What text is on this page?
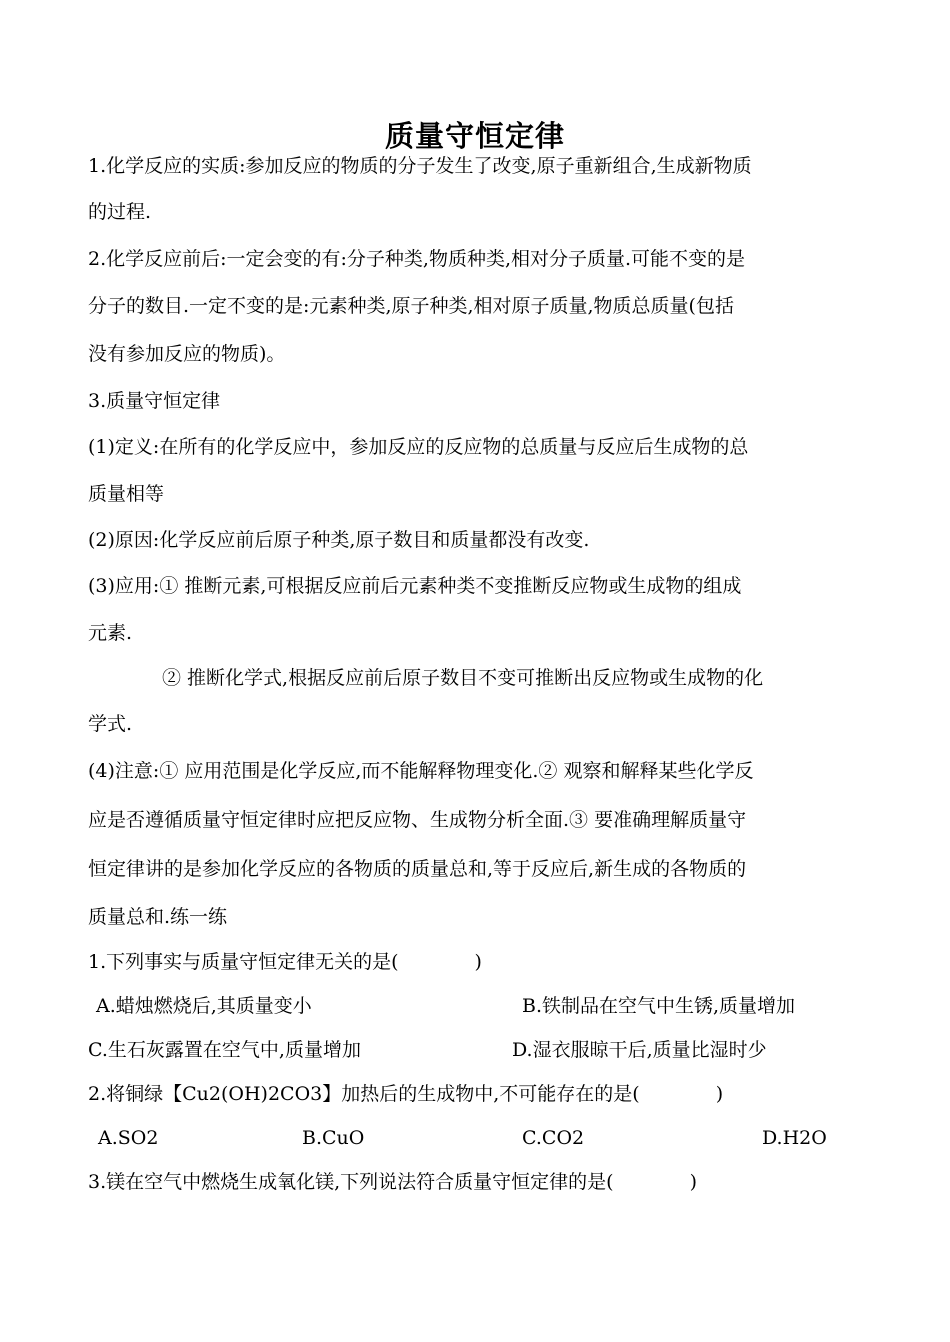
质量守恒定律
1.化学反应的实质:参加反应的物质的分子发生了改变,原子重新组合,生成新物质
的过程.
2.化学反应前后:一定会变的有:分子种类,物质种类,相对分子质量.可能不变的是
分子的数目.一定不变的是:元素种类,原子种类,相对原子质量,物质总质量(包括
没有参加反应的物质)。
3.质量守恒定律
(1)定义:在所有的化学反应中，参加反应的反应物的总质量与反应后生成物的总
质量相等
(2)原因:化学反应前后原子种类,原子数目和质量都没有改变.
(3)应用:① 推断元素,可根据反应前后元素种类不变推断反应物或生成物的组成
元素.
② 推断化学式,根据反应前后原子数目不变可推断出反应物或生成物的化
学式.
(4)注意:① 应用范围是化学反应,而不能解释物理变化.② 观察和解释某些化学反
应是否遵循质量守恒定律时应把反应物、生成物分析全面.③ 要准确理解质量守
恒定律讲的是参加化学反应的各物质的质量总和,等于反应后,新生成的各物质的
质量总和.练一练
1.下列事实与质量守恒定律无关的是(　　　　)
A.蜡烛燃烧后,其质量变小	B.铁制品在空气中生锈,质量增加
C.生石灰露置在空气中,质量增加	D.湿衣服晾干后,质量比湿时少
2.将铜绿【Cu2(OH)2CO3】加热后的生成物中,不可能存在的是(　　　　)
A.SO2	B.CuO	C.CO2	D.H2O
3.镁在空气中燃烧生成氧化镁,下列说法符合质量守恒定律的是(　　　　)
